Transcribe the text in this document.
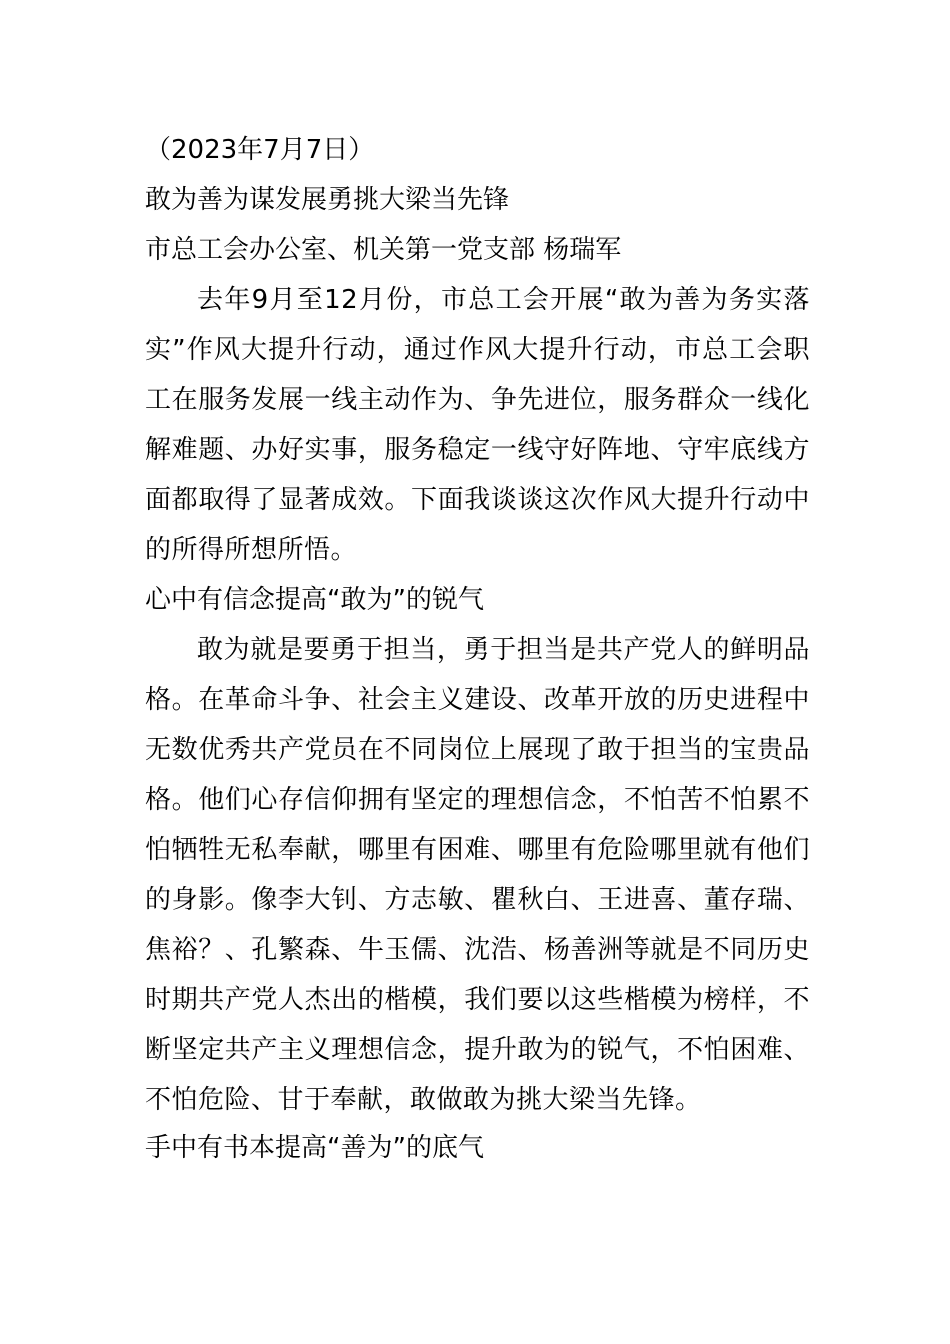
（2023年7月7日）
敢为善为谋发展勇挑大梁当先锋
市总工会办公室、机关第一党支部 杨瑞军
去年9月至12月份，市总工会开展“敢为善为务实落实”作风大提升行动，通过作风大提升行动，市总工会职工在服务发展一线主动作为、争先进位，服务群众一线化解难题、办好实事，服务稳定一线守好阵地、守牢底线方面都取得了显著成效。下面我谈谈这次作风大提升行动中的所得所想所悟。
心中有信念提高“敢为”的锐气
敢为就是要勇于担当，勇于担当是共产党人的鲜明品格。在革命斗争、社会主义建设、改革开放的历史进程中无数优秀共产党员在不同岗位上展现了敢于担当的宝贵品格。他们心存信仰拥有坚定的理想信念，不怕苦不怕累不怕牺牲无私奉献，哪里有困难、哪里有危险哪里就有他们的身影。像李大钊、方志敏、瞿秋白、王进喜、董存瑞、焦裕？、孔繁森、牛玉儒、沈浩、杨善洲等就是不同历史时期共产党人杰出的楷模，我们要以这些楷模为榜样，不断坚定共产主义理想信念，提升敢为的锐气，不怕困难、不怕危险、甘于奉献，敢做敢为挑大梁当先锋。
手中有书本提高“善为”的底气
